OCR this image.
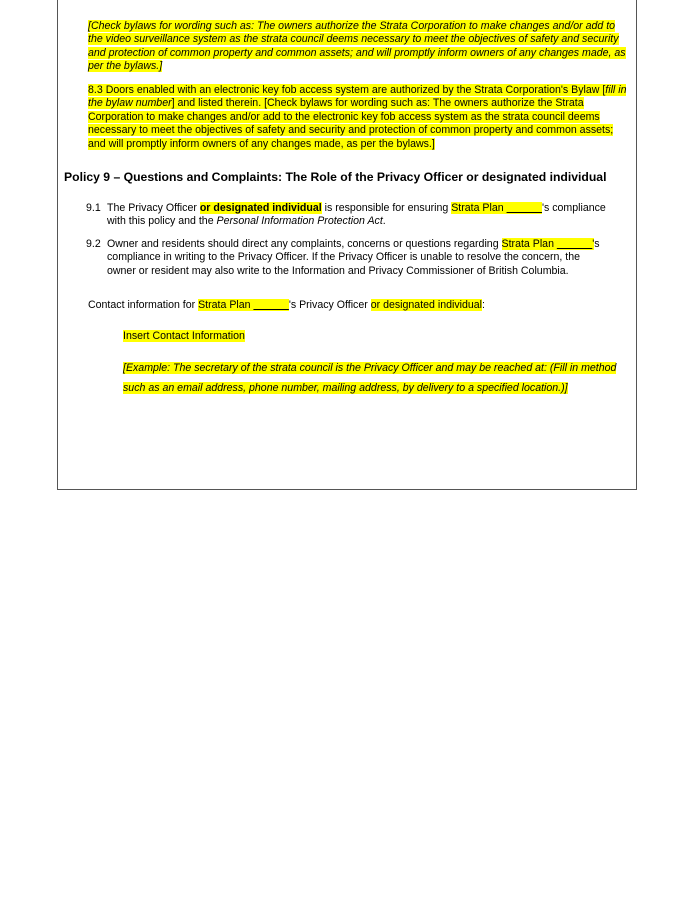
[Check bylaws for wording such as: The owners authorize the Strata Corporation to make changes and/or add to the video surveillance system as the strata council deems necessary to meet the objectives of safety and security and protection of common property and common assets; and will promptly inform owners of any changes made, as per the bylaws.]
8.3 Doors enabled with an electronic key fob access system are authorized by the Strata Corporation's Bylaw [fill in the bylaw number] and listed therein. [Check bylaws for wording such as: The owners authorize the Strata Corporation to make changes and/or add to the electronic key fob access system as the strata council deems necessary to meet the objectives of safety and security and protection of common property and common assets; and will promptly inform owners of any changes made, as per the bylaws.]
Policy 9 – Questions and Complaints: The Role of the Privacy Officer or designated individual
9.1 The Privacy Officer or designated individual is responsible for ensuring Strata Plan ______'s compliance with this policy and the Personal Information Protection Act.
9.2 Owner and residents should direct any complaints, concerns or questions regarding Strata Plan ______'s compliance in writing to the Privacy Officer. If the Privacy Officer is unable to resolve the concern, the owner or resident may also write to the Information and Privacy Commissioner of British Columbia.
Contact information for Strata Plan ______'s Privacy Officer or designated individual:
Insert Contact Information
[Example: The secretary of the strata council is the Privacy Officer and may be reached at: (Fill in method such as an email address, phone number, mailing address, by delivery to a specified location.)]
